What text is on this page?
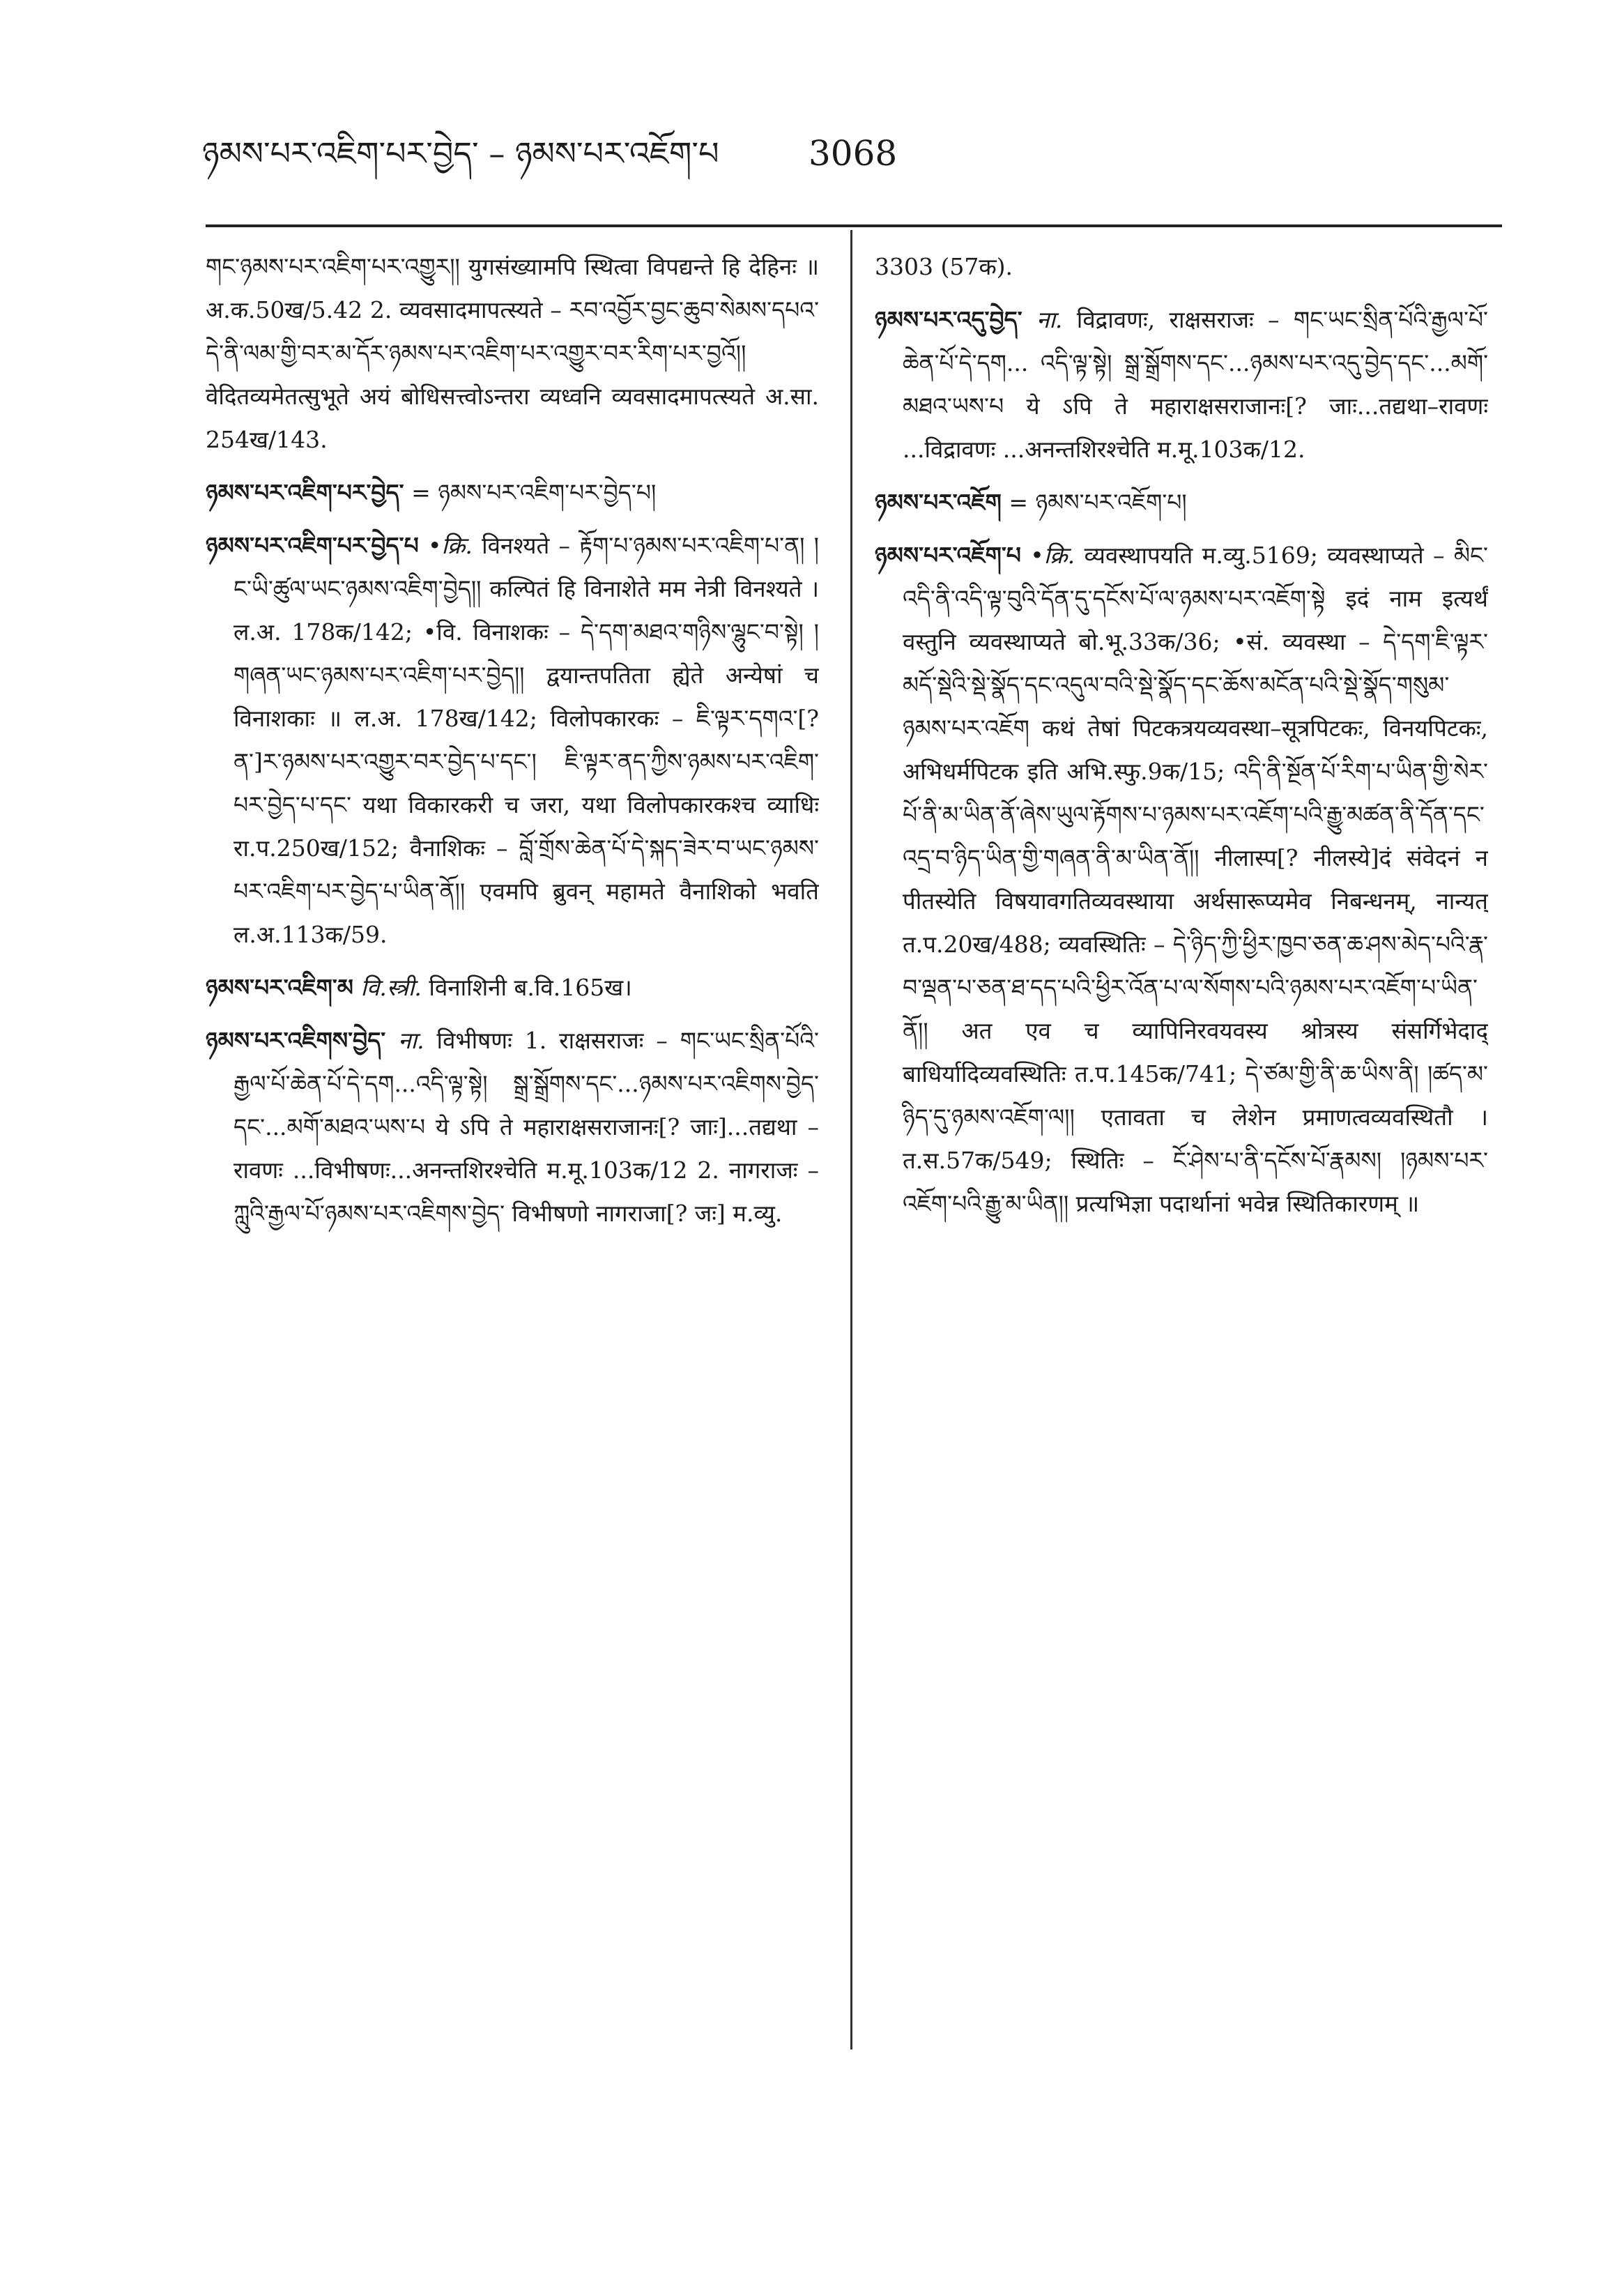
ཉམས་པར་འཇིག་པར་བྱེད་ – ཉམས་པར་འཇོག་པ	3068

གང་ཉམས་པར་འཇིག་པར་འགྱུར།། युगसंख्यामपि स्थित्वा विपद्यन्ते हि देहिनः ॥ अ.क.50ख/5.42 2. व्यवसादमापत्स्यते – རབ་འབྱོར་བྱང་ཆུབ་སེམས་དཔའ་དེ་ནི་ལམ་གྱི་བར་མ་དོར་ཉམས་པར་འཇིག་པར་འགྱུར་བར་རིག་པར་བྱའོ།། वेदितव्यमेतत्सुभूते अयं बोधिसत्त्वोऽन्तरा व्यध्वनि व्यवसादमापत्स्यते अ.सा. 254ख/143.

ཉམས་པར་འཇིག་པར་བྱེད་ = ཉམས་པར་འཇིག་པར་བྱེད་པ།

ཉམས་པར་འཇིག་པར་བྱེད་པ •क्रि. विनश्यते – རྟོག་པ་ཉམས་པར་འཇིག་པ་ན། །ང་ཡི་ཚུལ་ཡང་ཉམས་འཇིག་བྱེད།། कल्पितं हि विनाशेते मम नेत्री विनश्यते । ल.अ. 178क/142; •वि. विनाशकः – དེ་དག་མཐའ་གཉིས་ལྷུང་བ་སྟེ། །གཞན་ཡང་ཉམས་པར་འཇིག་པར་བྱེད།། द्वयान्तपतिता ह्येते अन्येषां च विनाशकाः ॥ ल.अ. 178ख/142; विलोपकारकः – ཇི་ལྟར་དགའ་[? ན་]ར་ཉམས་པར་འགྱུར་བར་བྱེད་པ་དང་། ཇི་ལྟར་ནད་ཀྱིས་ཉམས་པར་འཇིག་པར་བྱེད་པ་དང་ यथा विकारकरी च जरा, यथा विलोपकारकश्च व्याधिः रा.प.250ख/152; वैनाशिकः – བློ་གྲོས་ཆེན་པོ་དེ་སྐད་ཟེར་བ་ཡང་ཉམས་པར་འཇིག་པར་བྱེད་པ་ཡིན་ནོ།། एवमपि ब्रुवन् महामते वैनाशिको भवति ल.अ.113क/59.

ཉམས་པར་འཇིག་མ वि.स्त्री. विनाशिनी ब.वि.165ख।

ཉམས་པར་འཇིགས་བྱེད་ ना. विभीषणः 1. राक्षसराजः – གང་ཡང་སྲིན་པོའི་རྒྱལ་པོ་ཆེན་པོ་དེ་དག...འདི་ལྟ་སྟེ། སྒྲ་སྒྲོགས་དང་...ཉམས་པར་འཇིགས་བྱེད་དང་...མགོ་མཐའ་ཡས་པ ये ऽपि ते महाराक्षसराजानः[? जाः]...तद्यथा – रावणः ...विभीषणः...अनन्तशिरश्चेति म.मू.103क/12 2. नागराजः – ཀླུའི་རྒྱལ་པོ་ཉམས་པར་འཇིགས་བྱེད་ विभीषणो नागराजा[? जः] म.व्यु.

3303 (57क).

ཉམས་པར་འདུ་བྱེད་ ना. विद्रावणः, राक्षसराजः – གང་ཡང་སྲིན་པོའི་རྒྱལ་པོ་ཆེན་པོ་དེ་དག... འདི་ལྟ་སྟེ། སྒྲ་སྒྲོགས་དང་...ཉམས་པར་འདུ་བྱེད་དང་...མགོ་མཐའ་ཡས་པ ये ऽपि ते महाराक्षसराजानः[? जाः...तद्यथा–रावणः ...विद्रावणः ...अनन्तशिरश्चेति म.मू.103क/12.

ཉམས་པར་འཇོག = ཉམས་པར་འཇོག་པ།

ཉམས་པར་འཇོག་པ •क्रि. व्यवस्थापयति म.व्यु.5169; व्यवस्थाप्यते – མིང་འདི་ནི་འདི་ལྟ་བུའི་དོན་དུ་དངོས་པོ་ལ་ཉམས་པར་འཇོག་སྟེ इदं नाम इत्यर्थं वस्तुनि व्यवस्थाप्यते बो.भू.33क/36; •सं. व्यवस्था – དེ་དག་ཇི་ལྟར་མདོ་སྡེའི་སྡེ་སྣོད་དང་འདུལ་བའི་སྡེ་སྣོད་དང་ཆོས་མངོན་པའི་སྡེ་སྣོད་གསུམ་ཉམས་པར་འཇོག कथं तेषां पिटकत्रयव्यवस्था–सूत्रपिटकः, विनयपिटकः, अभिधर्मपिटक इति अभि.स्फु.9क/15; འདི་ནི་སྔོན་པོ་རིག་པ་ཡིན་གྱི་སེར་པོ་ནི་མ་ཡིན་ནོ་ཞེས་ཡུལ་རྟོགས་པ་ཉམས་པར་འཇོག་པའི་རྒྱུ་མཚན་ནི་དོན་དང་འདྲ་བ་ཉིད་ཡིན་གྱི་གཞན་ནི་མ་ཡིན་ནོ།། नीलास्प[? नीलस्ये]दं संवेदनं न पीतस्येति विषयावगतिव्यवस्थाया अर्थसारूप्यमेव निबन्धनम्, नान्यत् त.प.20ख/488; व्यवस्थितिः – དེ་ཉིད་ཀྱི་ཕྱིར་ཁྱབ་ཅན་ཆ་ཤས་མེད་པའི་རྣ་བ་ལྡན་པ་ཅན་ཐ་དད་པའི་ཕྱིར་འོན་པ་ལ་སོགས་པའི་ཉམས་པར་འཇོག་པ་ཡིན་ནོ།། अत एव च व्यापिनिरवयवस्य श्रोत्रस्य संसर्गिभेदाद् बाधिर्यादिव्यवस्थितिः त.प.145क/741; དེ་ཙམ་གྱི་ནི་ཆ་ཡིས་ནི། །ཚད་མ་ཉིད་དུ་ཉམས་འཇོག་ལ།། एतावता च लेशेन प्रमाणत्वव्यवस्थितौ । त.स.57क/549; स्थितिः – ངོ་ཤེས་པ་ནི་དངོས་པོ་རྣམས། །ཉམས་པར་འཇོག་པའི་རྒྱུ་མ་ཡིན།། प्रत्यभिज्ञा पदार्थानां भवेन्न स्थितिकारणम् ॥
